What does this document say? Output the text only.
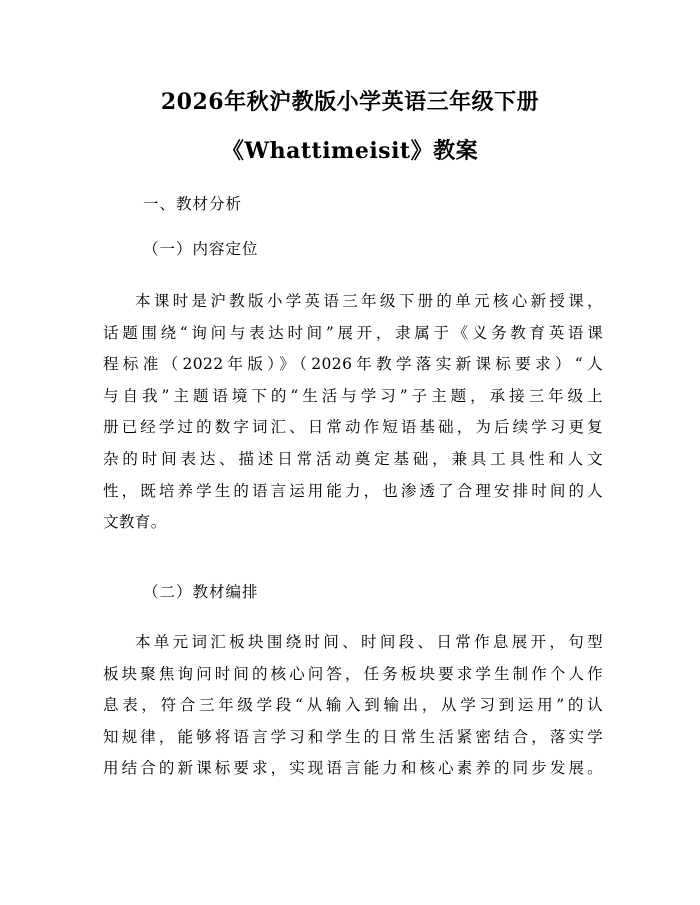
2026年秋沪教版小学英语三年级下册
《Whattimeisit》教案
一、教材分析
（一）内容定位
本课时是沪教版小学英语三年级下册的单元核心新授课，
话题围绕“询问与表达时间”展开，隶属于《义务教育英语课
程标准（2022年版）》（2026年教学落实新课标要求）“人
与自我”主题语境下的“生活与学习”子主题，承接三年级上
册已经学过的数字词汇、日常动作短语基础，为后续学习更复
杂的时间表达、描述日常活动奠定基础，兼具工具性和人文
性，既培养学生的语言运用能力，也渗透了合理安排时间的人
文教育。
（二）教材编排
本单元词汇板块围绕时间、时间段、日常作息展开，句型
板块聚焦询问时间的核心问答，任务板块要求学生制作个人作
息表，符合三年级学段“从输入到输出，从学习到运用”的认
知规律，能够将语言学习和学生的日常生活紧密结合，落实学
用结合的新课标要求，实现语言能力和核心素养的同步发展。
